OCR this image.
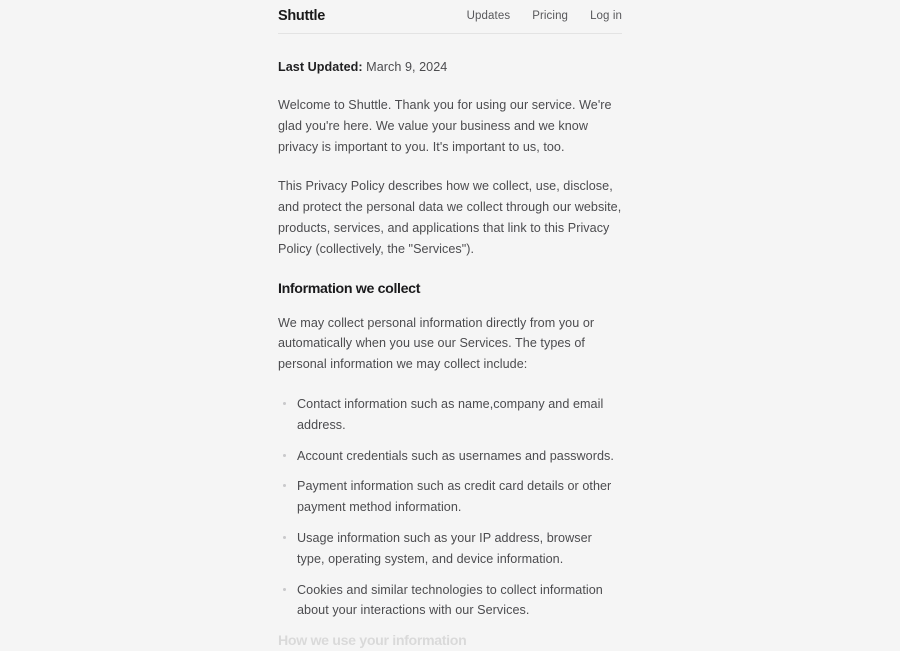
Shuttle	Updates Pricing Log in

Last Updated: March 9, 2024

Welcome to Shuttle. Thank you for using our service. We're glad you're here. We value your business and we know privacy is important to you. It's important to us, too.

This Privacy Policy describes how we collect, use, disclose, and protect the personal data we collect through our website, products, services, and applications that link to this Privacy Policy (collectively, the "Services").

Information we collect

We may collect personal information directly from you or automatically when you use our Services. The types of personal information we may collect include:

Contact information such as name,company and email address.
Account credentials such as usernames and passwords.
Payment information such as credit card details or other payment method information.
Usage information such as your IP address, browser type, operating system, and device information.
Cookies and similar technologies to collect information about your interactions with our Services.
How we use your information
